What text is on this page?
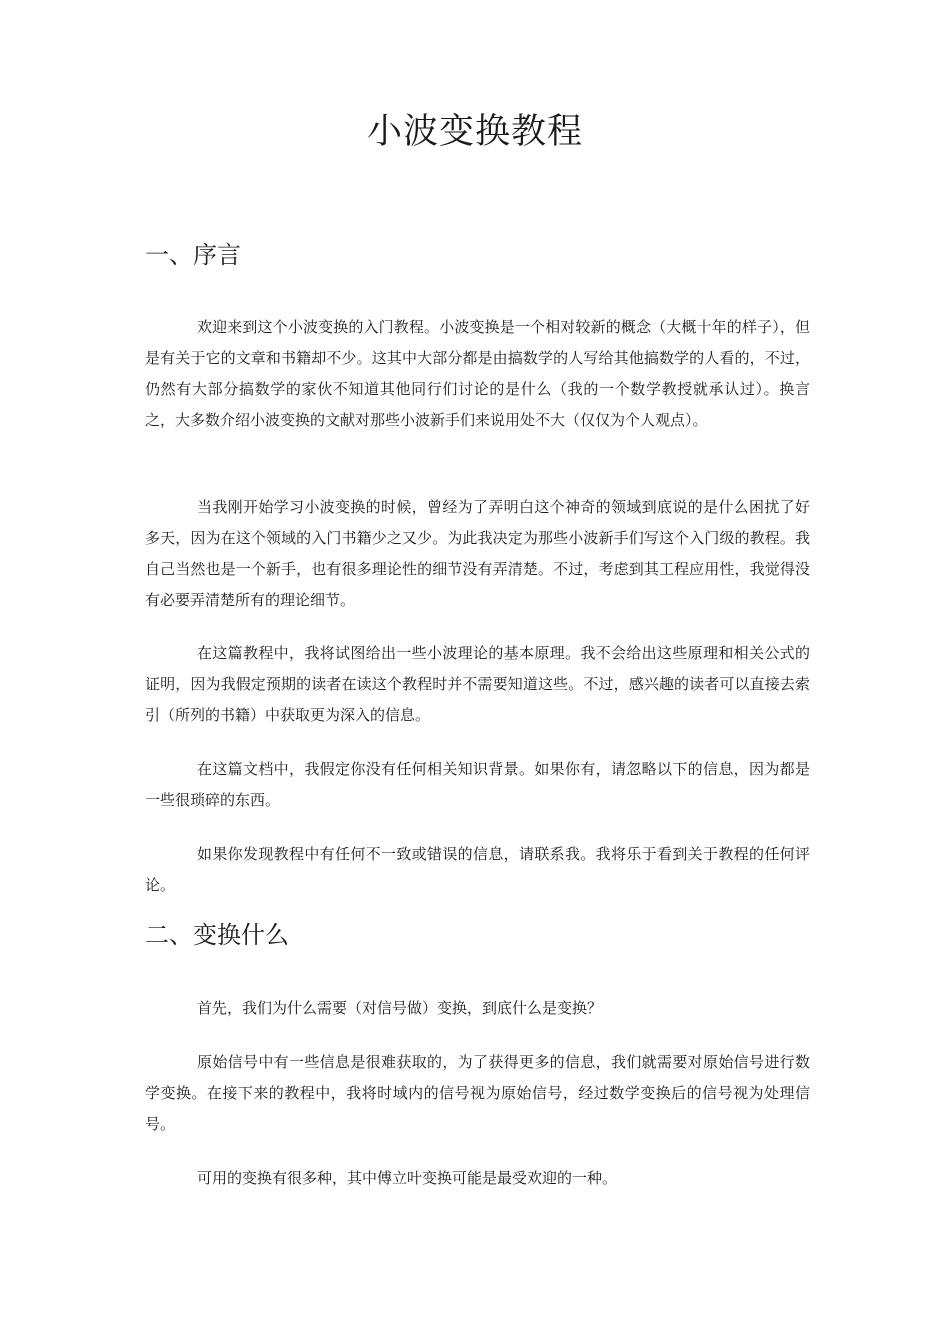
小波变换教程
一、序言

欢迎来到这个小波变换的入门教程。小波变换是一个相对较新的概念（大概十年的样子），但是有关于它的文章和书籍却不少。这其中大部分都是由搞数学的人写给其他搞数学的人看的，不过，仍然有大部分搞数学的家伙不知道其他同行们讨论的是什么（我的一个数学教授就承认过）。换言之，大多数介绍小波变换的文献对那些小波新手们来说用处不大（仅仅为个人观点）。

当我刚开始学习小波变换的时候，曾经为了弄明白这个神奇的领域到底说的是什么困扰了好多天，因为在这个领域的入门书籍少之又少。为此我决定为那些小波新手们写这个入门级的教程。我自己当然也是一个新手，也有很多理论性的细节没有弄清楚。不过，考虑到其工程应用性，我觉得没有必要弄清楚所有的理论细节。

在这篇教程中，我将试图给出一些小波理论的基本原理。我不会给出这些原理和相关公式的证明，因为我假定预期的读者在读这个教程时并不需要知道这些。不过，感兴趣的读者可以直接去索引（所列的书籍）中获取更为深入的信息。

在这篇文档中，我假定你没有任何相关知识背景。如果你有，请忽略以下的信息，因为都是一些很琐碎的东西。

如果你发现教程中有任何不一致或错误的信息，请联系我。我将乐于看到关于教程的任何评论。

二、变换什么

首先，我们为什么需要（对信号做）变换，到底什么是变换？

原始信号中有一些信息是很难获取的，为了获得更多的信息，我们就需要对原始信号进行数学变换。在接下来的教程中，我将时域内的信号视为原始信号，经过数学变换后的信号视为处理信号。

可用的变换有很多种，其中傅立叶变换可能是最受欢迎的一种。
